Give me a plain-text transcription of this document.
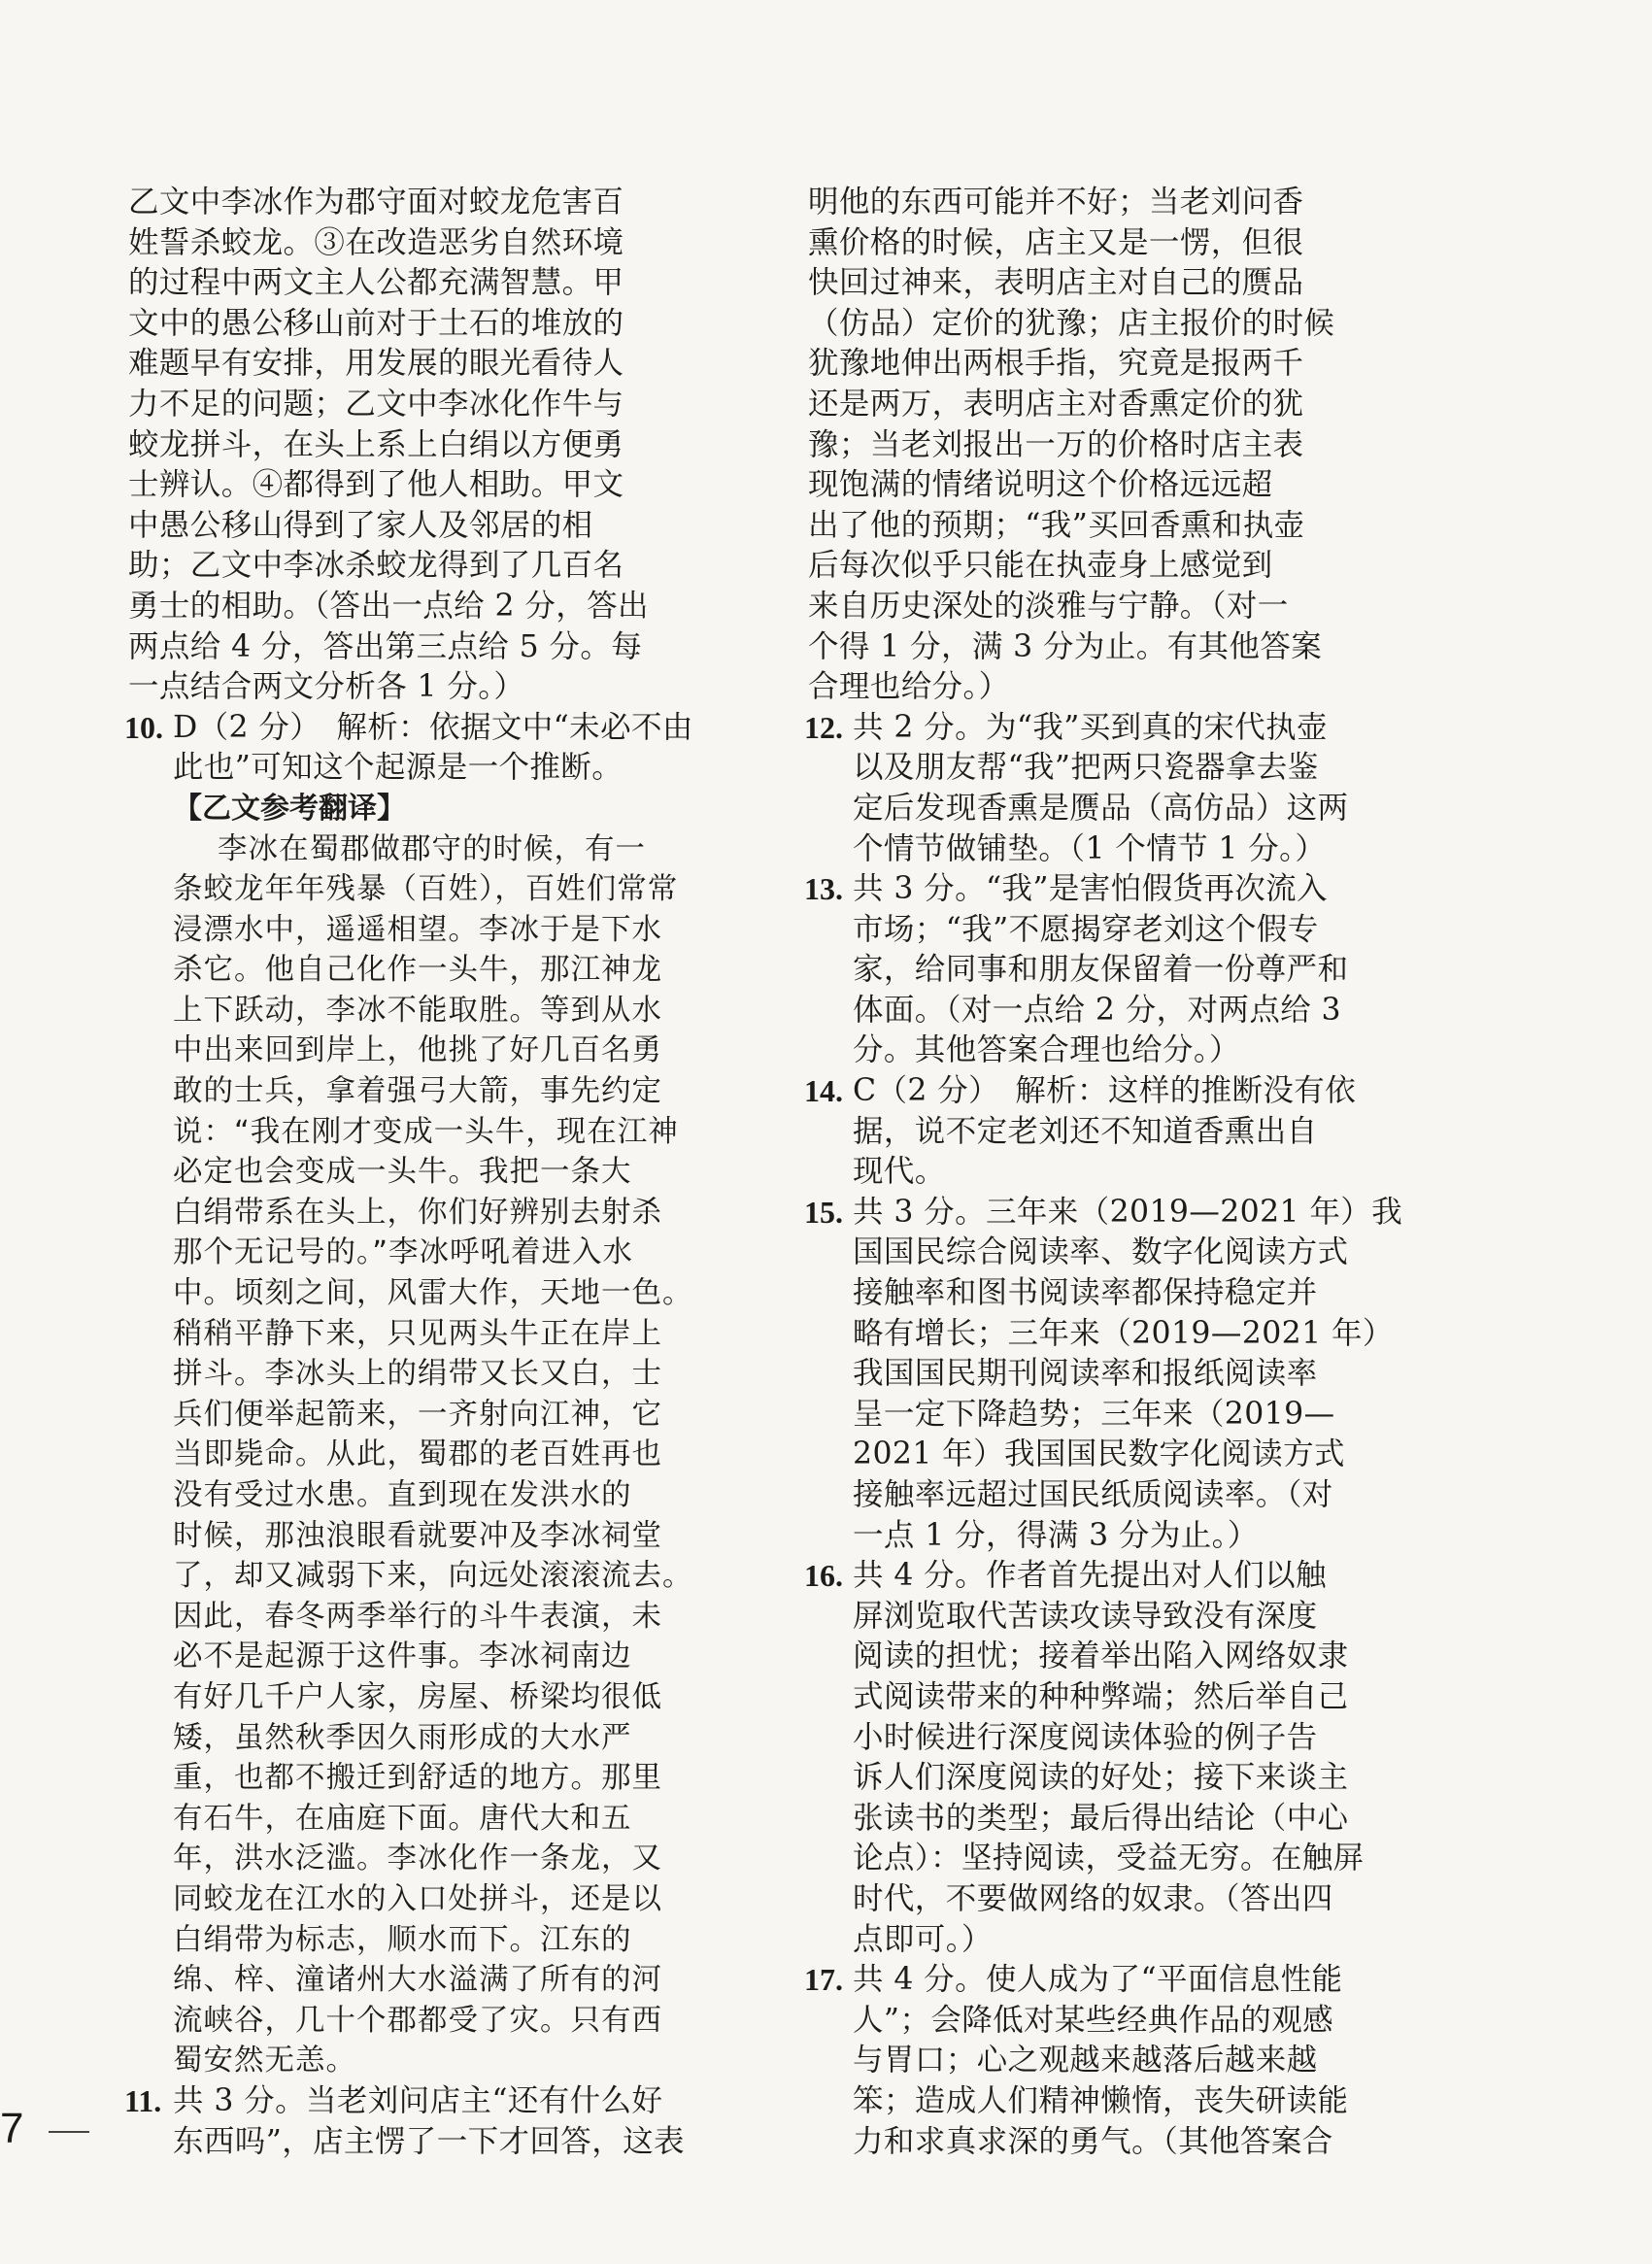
乙文中李冰作为郡守面对蛟龙危害百
姓誓杀蛟龙。③在改造恶劣自然环境
的过程中两文主人公都充满智慧。甲
文中的愚公移山前对于土石的堆放的
难题早有安排，用发展的眼光看待人
力不足的问题；乙文中李冰化作牛与
蛟龙拼斗，在头上系上白绢以方便勇
士辨认。④都得到了他人相助。甲文
中愚公移山得到了家人及邻居的相
助；乙文中李冰杀蛟龙得到了几百名
勇士的相助。（答出一点给 2 分，答出
两点给 4 分，答出第三点给 5 分。每
一点结合两文分析各 1 分。）
10. D（2 分）　解析：依据文中“未必不由
此也”可知这个起源是一个推断。
【乙文参考翻译】
李冰在蜀郡做郡守的时候，有一
条蛟龙年年残暴（百姓），百姓们常常
浸漂水中，遥遥相望。李冰于是下水
杀它。他自己化作一头牛，那江神龙
上下跃动，李冰不能取胜。等到从水
中出来回到岸上，他挑了好几百名勇
敢的士兵，拿着强弓大箭，事先约定
说：“我在刚才变成一头牛，现在江神
必定也会变成一头牛。我把一条大
白绢带系在头上，你们好辨别去射杀
那个无记号的。”李冰呼吼着进入水
中。顷刻之间，风雷大作，天地一色。
稍稍平静下来，只见两头牛正在岸上
拼斗。李冰头上的绢带又长又白，士
兵们便举起箭来，一齐射向江神，它
当即毙命。从此，蜀郡的老百姓再也
没有受过水患。直到现在发洪水的
时候，那浊浪眼看就要冲及李冰祠堂
了，却又减弱下来，向远处滚滚流去。
因此，春冬两季举行的斗牛表演，未
必不是起源于这件事。李冰祠南边
有好几千户人家，房屋、桥梁均很低
矮，虽然秋季因久雨形成的大水严
重，也都不搬迁到舒适的地方。那里
有石牛，在庙庭下面。唐代大和五
年，洪水泛滥。李冰化作一条龙，又
同蛟龙在江水的入口处拼斗，还是以
白绢带为标志，顺水而下。江东的
绵、梓、潼诸州大水溢满了所有的河
流峡谷，几十个郡都受了灾。只有西
蜀安然无恙。
11. 共 3 分。当老刘问店主“还有什么好
东西吗”，店主愣了一下才回答，这表
明他的东西可能并不好；当老刘问香
熏价格的时候，店主又是一愣，但很
快回过神来，表明店主对自己的赝品
（仿品）定价的犹豫；店主报价的时候
犹豫地伸出两根手指，究竟是报两千
还是两万，表明店主对香熏定价的犹
豫；当老刘报出一万的价格时店主表
现饱满的情绪说明这个价格远远超
出了他的预期；“我”买回香熏和执壶
后每次似乎只能在执壶身上感觉到
来自历史深处的淡雅与宁静。（对一
个得 1 分，满 3 分为止。有其他答案
合理也给分。）
12. 共 2 分。为“我”买到真的宋代执壶
以及朋友帮“我”把两只瓷器拿去鉴
定后发现香熏是赝品（高仿品）这两
个情节做铺垫。（1 个情节 1 分。）
13. 共 3 分。“我”是害怕假货再次流入
市场；“我”不愿揭穿老刘这个假专
家，给同事和朋友保留着一份尊严和
体面。（对一点给 2 分，对两点给 3
分。其他答案合理也给分。）
14. C（2 分）　解析：这样的推断没有依
据，说不定老刘还不知道香熏出自
现代。
15. 共 3 分。三年来（2019—2021 年）我
国国民综合阅读率、数字化阅读方式
接触率和图书阅读率都保持稳定并
略有增长；三年来（2019—2021 年）
我国国民期刊阅读率和报纸阅读率
呈一定下降趋势；三年来（2019—
2021 年）我国国民数字化阅读方式
接触率远超过国民纸质阅读率。（对
一点 1 分，得满 3 分为止。）
16. 共 4 分。作者首先提出对人们以触
屏浏览取代苦读攻读导致没有深度
阅读的担忧；接着举出陷入网络奴隶
式阅读带来的种种弊端；然后举自己
小时候进行深度阅读体验的例子告
诉人们深度阅读的好处；接下来谈主
张读书的类型；最后得出结论（中心
论点）：坚持阅读，受益无穷。在触屏
时代，不要做网络的奴隶。（答出四
点即可。）
17. 共 4 分。使人成为了“平面信息性能
人”；会降低对某些经典作品的观感
与胃口；心之观越来越落后越来越
笨；造成人们精神懒惰，丧失研读能
力和求真求深的勇气。（其他答案合
7
